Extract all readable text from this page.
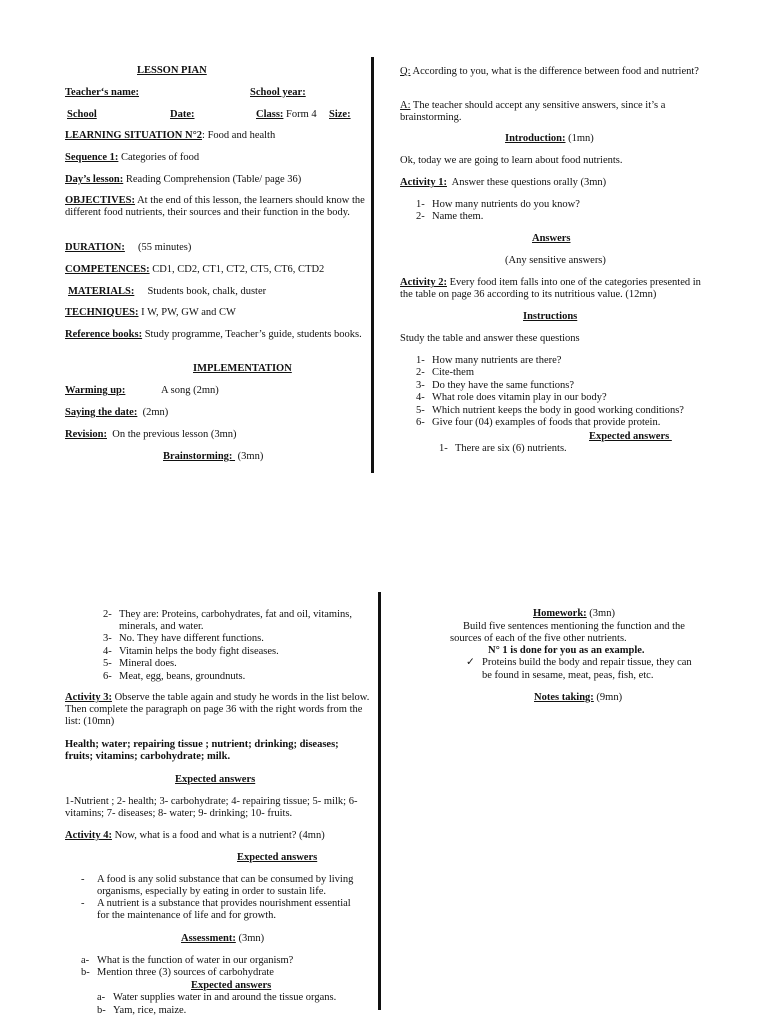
LESSON PIAN
Teacher‘s name:	School year:
School	Date:	Class: Form 4 Size:
LEARNING SITUATION N°2: Food and health
Sequence 1: Categories of food
Day’s lesson: Reading Comprehension (Table/ page 36)
OBJECTIVES: At the end of this lesson, the learners should know the different food nutrients, their sources and their function in the body.
DURATION:     (55 minutes)
COMPETENCES: CD1, CD2, CT1, CT2, CT5, CT6, CTD2
MATERIALS:     Students book, chalk, duster
TECHNIQUES: I W, PW, GW and CW
Reference books: Study programme, Teacher’s guide, students books.
IMPLEMENTATION
Warming up:	A song (2mn)
Saying the date:  (2mn)
Revision:  On the previous lesson (3mn)
Brainstorming:  (3mn)
Q: According to you, what is the difference between food and nutrient?
A: The teacher should accept any sensitive answers, since it’s a brainstorming.
Introduction: (1mn)
Ok, today we are going to learn about food nutrients.
Activity 1:  Answer these questions orally (3mn)
1- How many nutrients do you know?
2- Name them.
Answers
(Any sensitive answers)
Activity 2: Every food item falls into one of the categories presented in the table on page 36 according to its nutritious value. (12mn)
Instructions
Study the table and answer these questions
1- How many nutrients are there?
2- Cite-them
3- Do they have the same functions?
4- What role does vitamin play in our body?
5- Which nutrient keeps the body in good working conditions?
6- Give four (04) examples of foods that provide protein.
Expected answers
1- There are six (6) nutrients.
2- They are: Proteins, carbohydrates, fat and oil, vitamins,
minerals, and water.
3- No. They have different functions.
4- Vitamin helps the body fight diseases.
5- Mineral does.
6- Meat, egg, beans, groundnuts.
Activity 3: Observe the table again and study he words in the list below. Then complete the paragraph on page 36 with the right words from the list: (10mn)
Health; water; repairing tissue ; nutrient; drinking; diseases; fruits; vitamins; carbohydrate; milk.
Expected answers
1-Nutrient ; 2- health; 3- carbohydrate; 4- repairing tissue; 5- milk; 6- vitamins; 7- diseases; 8- water; 9- drinking; 10- fruits.
Activity 4: Now, what is a food and what is a nutrient? (4mn)
Expected answers
- A food is any solid substance that can be consumed by living
organisms, especially by eating in order to sustain life.
- A nutrient is a substance that provides nourishment essential
for the maintenance of life and for growth.
Assessment: (3mn)
a- What is the function of water in our organism?
b- Mention three (3) sources of carbohydrate
Expected answers
a- Water supplies water in and around the tissue organs.
b- Yam, rice, maize.
Homework: (3mn)
Build five sentences mentioning the function and the
sources of each of the five other nutrients.
N° 1 is done for you as an example.
✓ Proteins build the body and repair tissue, they can
be found in sesame, meat, peas, fish, etc.
Notes taking: (9mn)
